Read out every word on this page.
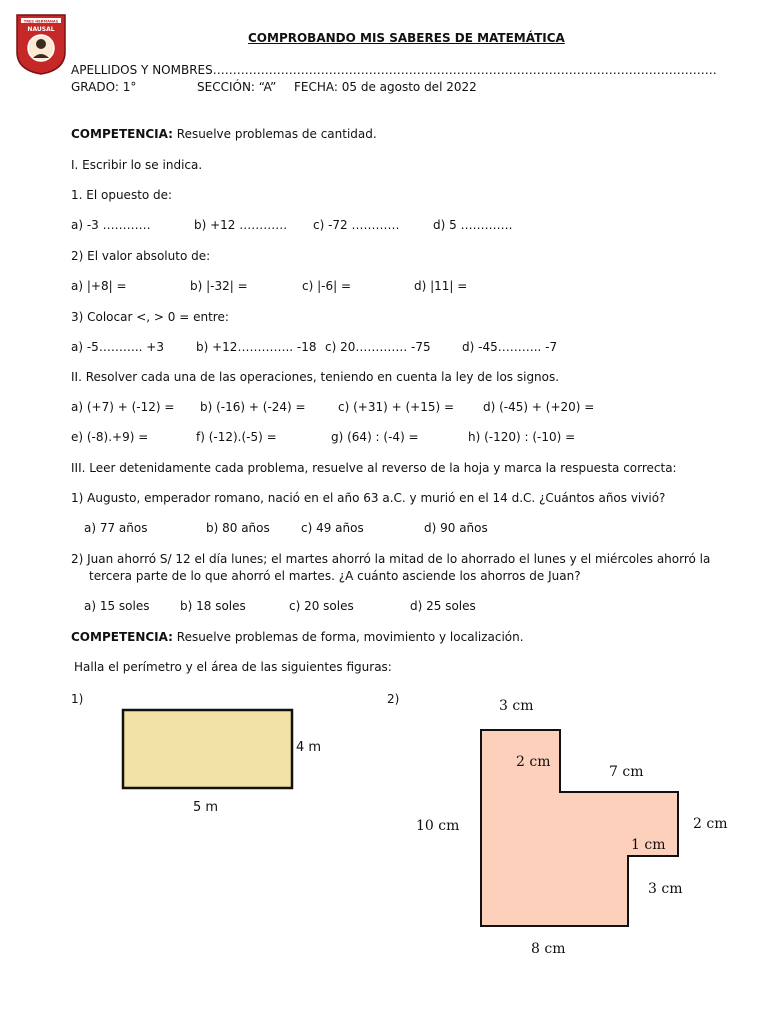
TRES HERMANAS
NAUSAL
COMPROBANDO MIS SABERES DE MATEMÁTICA
APELLIDOS Y NOMBRES………………………………………………………………………………………………………………
GRADO: 1°	SECCIÓN: “A” FECHA: 05 de agosto del 2022
COMPETENCIA: Resuelve problemas de cantidad.
I. Escribir lo se indica.
1. El opuesto de:
a) -3 …………	b) +12 ………… c) -72 …………	d) 5 ………….
2) El valor absoluto de:
a) |+8| =	b) |-32| =	c) |-6| =	d) |11| =
3) Colocar <, > 0 = entre:
a) -5……….. +3	b) +12………….. -18 c) 20…………. -75	d) -45……….. -7
II. Resolver cada una de las operaciones, teniendo en cuenta la ley de los signos.
a) (+7) + (-12) = b) (-16) + (-24) =	c) (+31) + (+15) = d) (-45) + (+20) =
e) (-8).+9) =	f) (-12).(-5) =	g) (64) : (-4) =	h) (-120) : (-10) =
III. Leer detenidamente cada problema, resuelve al reverso de la hoja y marca la respuesta correcta:
1) Augusto, emperador romano, nació en el año 63 a.C. y murió en el 14 d.C. ¿Cuántos años vivió?
a) 77 años	b) 80 años	c) 49 años	d) 90 años
2) Juan ahorró S/ 12 el día lunes; el martes ahorró la mitad de lo ahorrado el lunes y el miércoles ahorró la
tercera parte de lo que ahorró el martes. ¿A cuánto asciende los ahorros de Juan?
a) 15 soles	b) 18 soles	c) 20 soles	d) 25 soles
COMPETENCIA: Resuelve problemas de forma, movimiento y localización.
Halla el perímetro y el área de las siguientes figuras:
1)	2)
4 m
5 m
3 cm
2 cm
7 cm
10 cm	2 cm
1 cm
3 cm
8 cm
